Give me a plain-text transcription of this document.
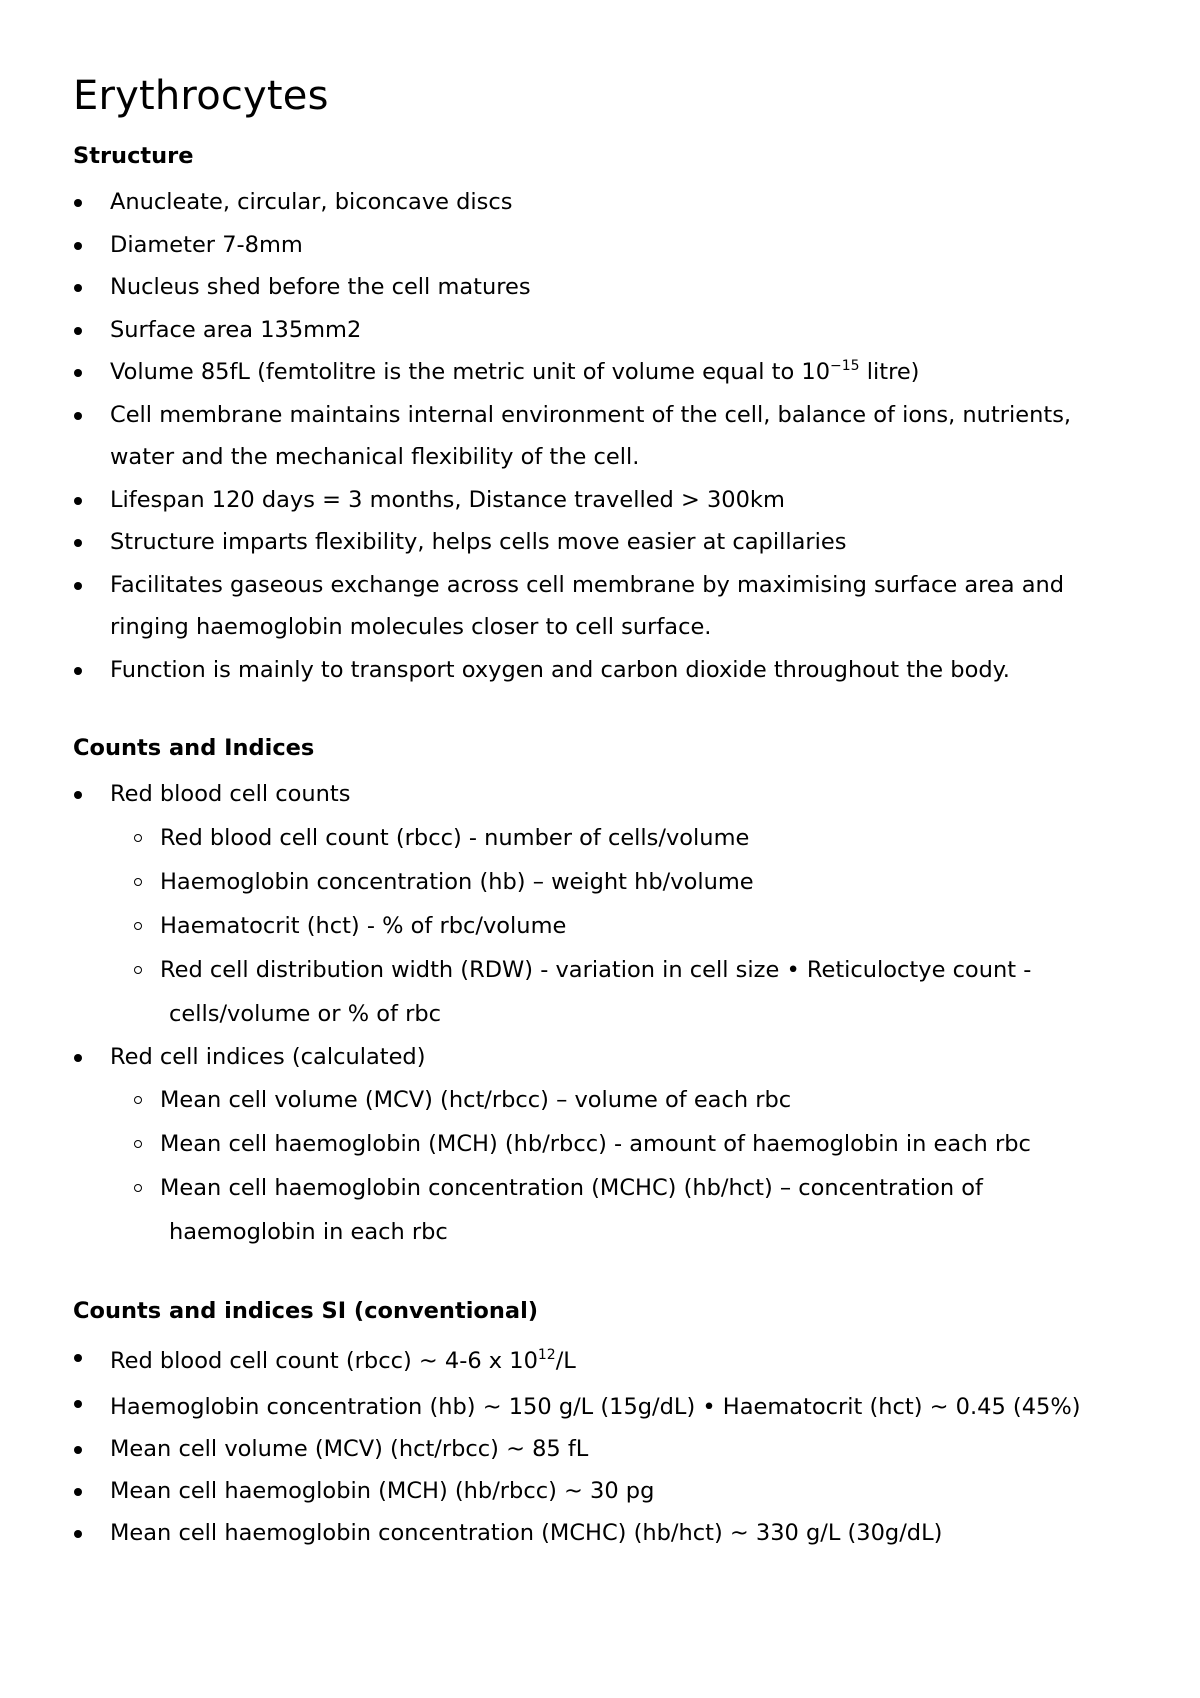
Erythrocytes
Structure
Anucleate, circular, biconcave discs
Diameter 7-8mm
Nucleus shed before the cell matures
Surface area 135mm2
Volume 85fL (femtolitre is the metric unit of volume equal to $10^{-15}$ litre)
Cell membrane maintains internal environment of the cell, balance of ions, nutrients, water and the mechanical flexibility of the cell.
Lifespan 120 days = 3 months, Distance travelled > 300km
Structure imparts flexibility, helps cells move easier at capillaries
Facilitates gaseous exchange across cell membrane by maximising surface area and ringing haemoglobin molecules closer to cell surface.
Function is mainly to transport oxygen and carbon dioxide throughout the body.
Counts and Indices
Red blood cell counts
Red blood cell count (rbcc) - number of cells/volume
Haemoglobin concentration (hb) – weight hb/volume
Haematocrit (hct) - % of rbc/volume
Red cell distribution width (RDW) - variation in cell size • Reticuloctye count -
cells/volume or % of rbc
Red cell indices (calculated)
Mean cell volume (MCV) (hct/rbcc) – volume of each rbc
Mean cell haemoglobin (MCH) (hb/rbcc) - amount of haemoglobin in each rbc
Mean cell haemoglobin concentration (MCHC) (hb/hct) – concentration of
haemoglobin in each rbc
Counts and indices SI (conventional)
Red blood cell count (rbcc) ~ 4-6 x $10^{12}/L$
Haemoglobin concentration (hb) ~ 150 g/L (15g/dL) • Haematocrit (hct) ~ 0.45 (45%)
Mean cell volume (MCV) (hct/rbcc) ~ 85 fL
Mean cell haemoglobin (MCH) (hb/rbcc) ~ 30 pg
Mean cell haemoglobin concentration (MCHC) (hb/hct) ~ 330 g/L (30g/dL)
